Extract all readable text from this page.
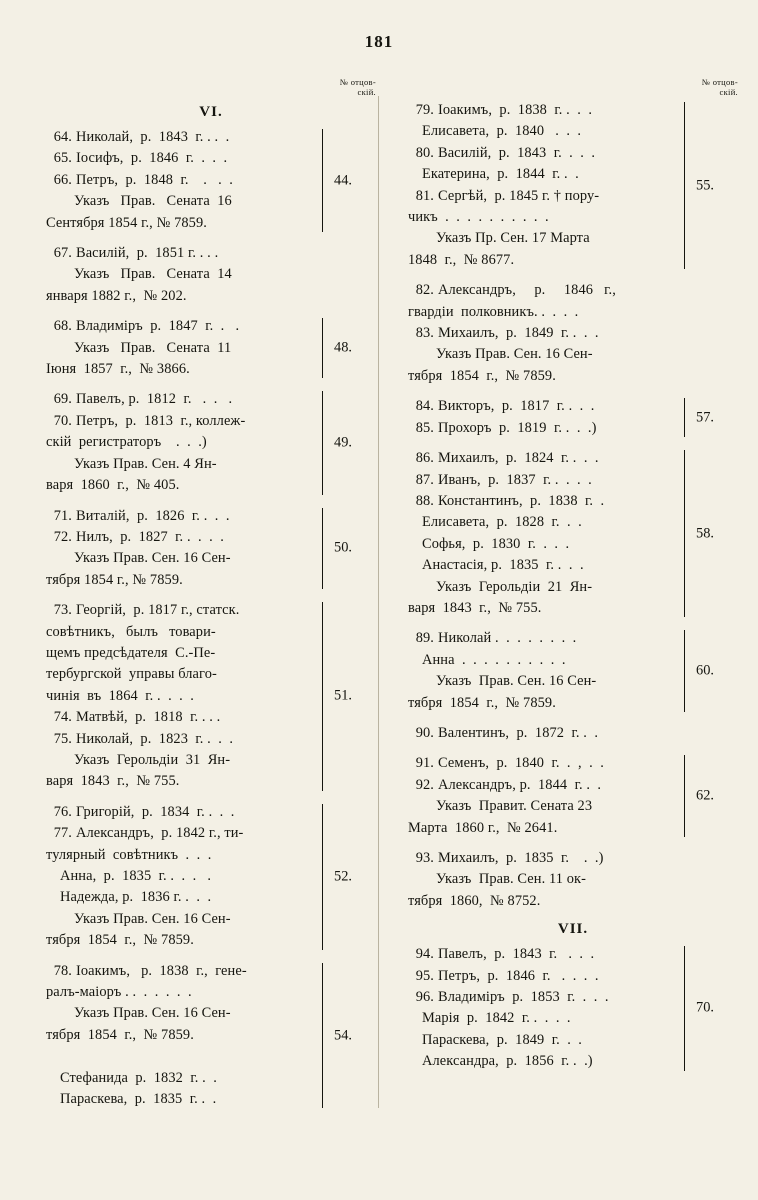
181
№ отцов-
скій.
VI.
64. Николай,  р.  1843  г. . .  .
65. Іосифъ,  р.  1846  г.  .  .  .
66. Петръ,  р.  1848  г.    .   .  .
Указъ   Прав.   Сената  16
Сентября 1854 г., № 7859.
44.
67. Василій,  р.  1851 г. . . .
Указъ   Прав.   Сената  14
января 1882 г.,  № 202.
68. Владиміръ  р.  1847  г.  .   .
Указъ   Прав.   Сената  11
Іюня  1857  г.,  № 3866.
48.
69. Павелъ, р.  1812  г.   .  .   .
70. Петръ,  р.  1813  г., коллеж-
скій  регистраторъ    .  .  .)
Указъ Прав. Сен. 4 Ян-
варя  1860  г.,  № 405.
49.
71. Виталій,  р.  1826  г. .  .  .
72. Нилъ,  р.  1827  г. .  .  .  .
Указъ Прав. Сен. 16 Сен-
тября 1854 г., № 7859.
50.
73. Георгій,  р. 1817 г., статск.
совѣтникъ,   былъ   товари-
щемъ предсѣдателя  С.-Пе-
тербургской  управы благо-
чинія  въ  1864  г. .  .  .  .
74. Матвѣй,  р.  1818  г. . . .
75. Николай,  р.  1823  г. .  .  .
Указъ  Герольдіи  31  Ян-
варя  1843  г.,  № 755.
51.
76. Григорій,  р.  1834  г. .  .  .
77. Александръ,  р. 1842 г., ти-
тулярный  совѣтникъ  .  .  .
Анна,  р.  1835  г. .  .  .   .
Надежда, р.  1836 г. .  .  .
Указъ Прав. Сен. 16 Сен-
тября  1854  г.,  № 7859.
52.
78. Іоакимъ,   р.  1838  г.,  гене-
ралъ-маіоръ . .  .  .  .  .  .
Указъ Прав. Сен. 16 Сен-
тября  1854  г.,  № 7859.

Стефанида  р.  1832  г. .  .
Параскева,  р.  1835  г. .  .
54.
№ отцов-
скій.
79. Іоакимъ,  р.  1838  г. .  .  .
Елисавета,  р.  1840   .  .  .
80. Василій,  р.  1843  г.  .  .  .
Екатерина,  р.  1844  г. .  .
81. Сергѣй,  р. 1845 г. † пору-
чикъ  .  .  .  .  .  .  .  .  .  .
Указъ Пр. Сен. 17 Марта
1848  г.,  № 8677.
55.
82. Александръ,     р.     1846   г.,
гвардіи  полковникъ. .  .  .  .
83. Михаилъ,  р.  1849  г. .  .  .
Указъ Прав. Сен. 16 Сен-
тября  1854  г.,  № 7859.
84. Викторъ,  р.  1817  г. .  .  .
85. Прохоръ  р.  1819  г. .  .  .)
57.
86. Михаилъ,  р.  1824  г. .  .  .
87. Иванъ,  р.  1837  г. .  .  .  .
88. Константинъ,  р.  1838  г.  .
Елисавета,  р.  1828  г.  .  .
Софья,  р.  1830  г.  .  .  .
Анастасія, р.  1835  г. .  .  .
Указъ  Герольдіи  21  Ян-
варя  1843  г.,  № 755.
58.
89. Николай .  .  .  .  .  .  .  .
Анна  .  .  .  .  .  .  .  .  .  .
Указъ  Прав. Сен. 16 Сен-
тября  1854  г.,  № 7859.
60.
90. Валентинъ,  р.  1872  г. .  .
91. Семенъ,  р.  1840  г.  .  ,  .  .
92. Александръ, р.  1844  г. .  .
Указъ  Правит. Сената 23
Марта  1860 г.,  № 2641.
62.
93. Михаилъ,  р.  1835  г.    .  .)
Указъ  Прав. Сен. 11 ок-
тября  1860,  № 8752.
VII.
94. Павелъ,  р.  1843  г.   .  .  .
95. Петръ,  р.  1846  г.   .  .  .  .
96. Владиміръ  р.  1853  г.  .  .  .
Марія  р.  1842  г. .  .  .  .
Параскева,  р.  1849  г.  .  .
Александра,  р.  1856  г. .  .)
70.
